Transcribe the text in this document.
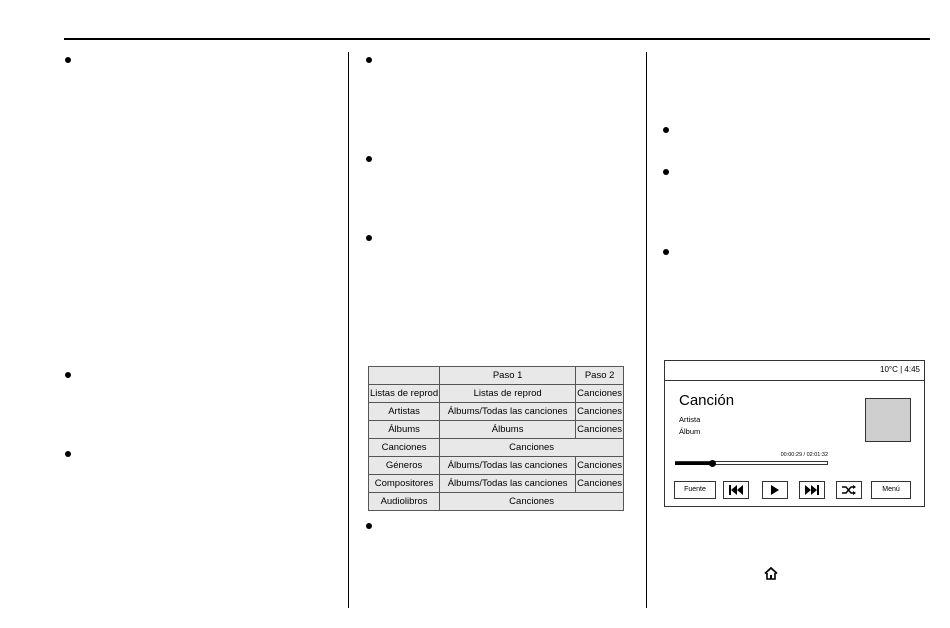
	Paso 1	Paso 2
Listas de reprod	Listas de reprod	Canciones
Artistas	Álbums/Todas las canciones	Canciones
Álbums	Álbums	Canciones
Canciones	Canciones	
Géneros	Álbums/Todas las canciones	Canciones
Compositores	Álbums/Todas las canciones	Canciones
Audiolibros	Canciones	
10°C | 4:45
Canción
Artista
Álbum
00:00:29 / 02:01:32
Fuente	Menú
